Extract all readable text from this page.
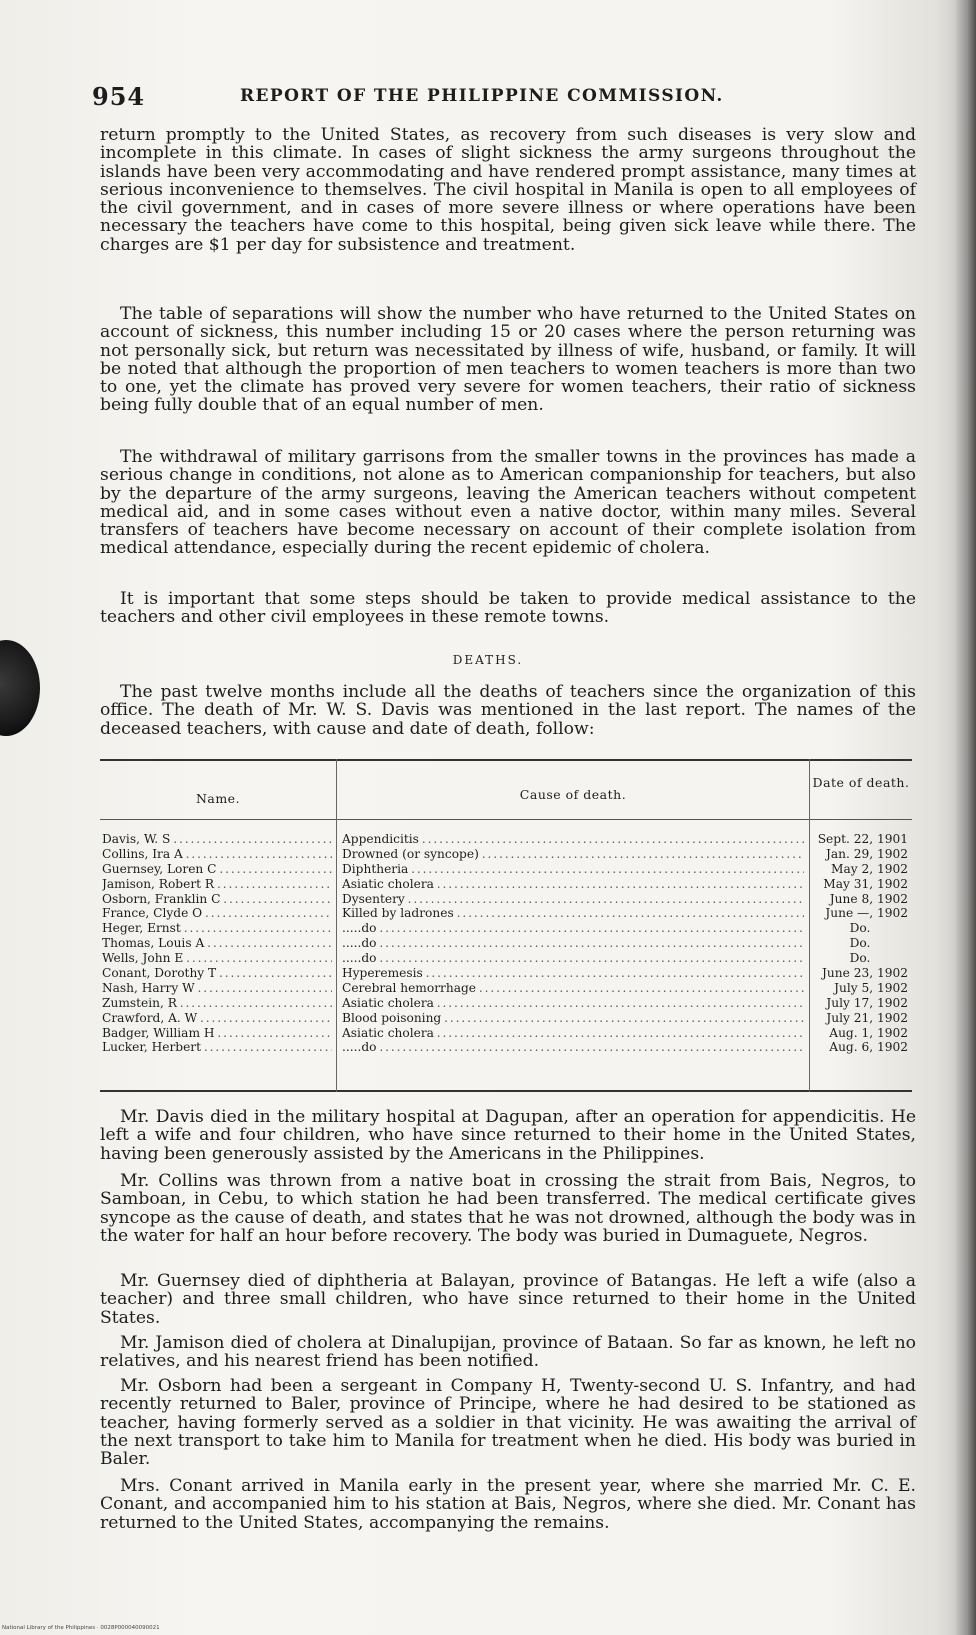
954	REPORT OF THE PHILIPPINE COMMISSION.

return promptly to the United States, as recovery from such diseases is very slow and incomplete in this climate. In cases of slight sickness the army surgeons throughout the islands have been very accommodating and have rendered prompt assistance, many times at serious inconvenience to themselves. The civil hospital in Manila is open to all employees of the civil government, and in cases of more severe illness or where operations have been necessary the teachers have come to this hospital, being given sick leave while there. The charges are $1 per day for subsistence and treatment.

The table of separations will show the number who have returned to the United States on account of sickness, this number including 15 or 20 cases where the person returning was not personally sick, but return was necessitated by illness of wife, husband, or family. It will be noted that although the proportion of men teachers to women teachers is more than two to one, yet the climate has proved very severe for women teachers, their ratio of sickness being fully double that of an equal number of men.

The withdrawal of military garrisons from the smaller towns in the provinces has made a serious change in conditions, not alone as to American companionship for teachers, but also by the departure of the army surgeons, leaving the American teachers without competent medical aid, and in some cases without even a native doctor, within many miles. Several transfers of teachers have become necessary on account of their complete isolation from medical attendance, especially during the recent epidemic of cholera.

It is important that some steps should be taken to provide medical assistance to the teachers and other civil employees in these remote towns.

DEATHS.

The past twelve months include all the deaths of teachers since the organization of this office. The death of Mr. W. S. Davis was mentioned in the last report. The names of the deceased teachers, with cause and date of death, follow:

Name.	Cause of death.
Date of death.
Davis, W. S . . .	Appendicitis . . .	Sept. 22, 1901
Collins, Ira A . . .	Drowned (or syncope) . . .	Jan. 29, 1902
Guernsey, Loren C . . .	Diphtheria . . .	May 2, 1902
Jamison, Robert R . . .	Asiatic cholera . . .	May 31, 1902
Osborn, Franklin C . . .	Dysentery . . .	June 8, 1902
France, Clyde O . . .	Killed by ladrones . . .	June —, 1902
Heger, Ernst . . .	.....do . . .	Do.
Thomas, Louis A . . .	.....do . . .	Do.
Wells, John E . . .	.....do . . .	Do.
Conant, Dorothy T . . .	Hyperemesis . . .	June 23, 1902
Nash, Harry W . . .	Cerebral hemorrhage . . .	July 5, 1902
Zumstein, R . . .	Asiatic cholera . . .	July 17, 1902
Crawford, A. W . . .	Blood poisoning . . .	July 21, 1902
Badger, William H . . .	Asiatic cholera . . .	Aug. 1, 1902
Lucker, Herbert . . .	.....do . . .	Aug. 6, 1902

Mr. Davis died in the military hospital at Dagupan, after an operation for appendicitis. He left a wife and four children, who have since returned to their home in the United States, having been generously assisted by the Americans in the Philippines.

Mr. Collins was thrown from a native boat in crossing the strait from Bais, Negros, to Samboan, in Cebu, to which station he had been transferred. The medical certificate gives syncope as the cause of death, and states that he was not drowned, although the body was in the water for half an hour before recovery. The body was buried in Dumaguete, Negros.

Mr. Guernsey died of diphtheria at Balayan, province of Batangas. He left a wife (also a teacher) and three small children, who have since returned to their home in the United States.

Mr. Jamison died of cholera at Dinalupijan, province of Bataan. So far as known, he left no relatives, and his nearest friend has been notified.

Mr. Osborn had been a sergeant in Company H, Twenty-second U. S. Infantry, and had recently returned to Baler, province of Principe, where he had desired to be stationed as teacher, having formerly served as a soldier in that vicinity. He was awaiting the arrival of the next transport to take him to Manila for treatment when he died. His body was buried in Baler.

Mrs. Conant arrived in Manila early in the present year, where she married Mr. C. E. Conant, and accompanied him to his station at Bais, Negros, where she died. Mr. Conant has returned to the United States, accompanying the remains.

National Library of the Philippines · 0028P000040090021
